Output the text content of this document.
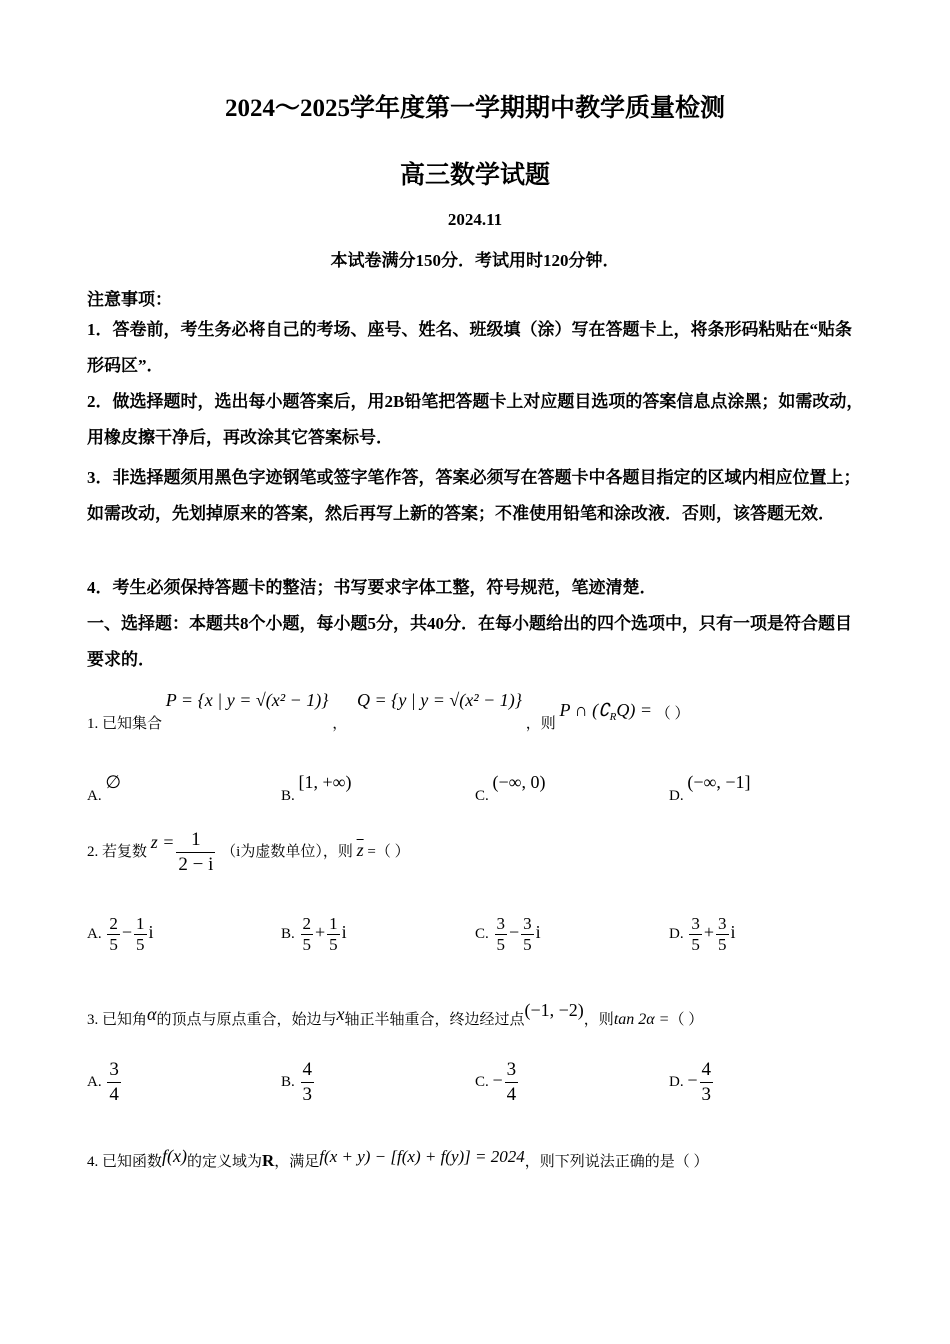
2024～2025学年度第一学期期中教学质量检测
高三数学试题
2024.11
本试卷满分150分．考试用时120分钟．
注意事项：
1．答卷前，考生务必将自己的考场、座号、姓名、班级填（涂）写在答题卡上，将条形码粘贴在“贴条形码区”．
2．做选择题时，选出每小题答案后，用2B铅笔把答题卡上对应题目选项的答案信息点涂黑；如需改动，用橡皮擦干净后，再改涂其它答案标号．
3．非选择题须用黑色字迹钢笔或签字笔作答，答案必须写在答题卡中各题目指定的区域内相应位置上；如需改动，先划掉原来的答案，然后再写上新的答案；不准使用铅笔和涂改液．否则，该答题无效．
4．考生必须保持答题卡的整洁；书写要求字体工整，符号规范，笔迹清楚．
一、选择题：本题共8个小题，每小题5分，共40分．在每小题给出的四个选项中，只有一项是符合题目要求的．
1. 已知集合 P = {x | y = √(x² − 1)} ， Q = {y | y = √(x² − 1)} ，则 P ∩ $(∁_RQ)$ = （ ）
A. ∅
B. [1, +∞)
C. (−∞, 0)
D. (−∞, −1]
2. 若复数 $z = \frac{1}{2 - i} (i$为虚数单位），则 $\overline{z}$ =（ ）
A. $\frac{2}{5} - \frac{1}{5}$ i	B. $\frac{2}{5} + \frac{1}{5}$ i	C. $\frac{3}{5} - \frac{3}{5}$ i	D. $\frac{3}{5} + \frac{3}{5}$ i
3. 已知角α的顶点与原点重合，始边与x轴正半轴重合，终边经过点(−1, −2)，则tan 2α =（ ）
A. $\frac{3}{4}$	B. $\frac{4}{3}$	C. − $\frac{3}{4}$	D. − $\frac{4}{3}$
4. 已知函数f(x)的定义域为R，满足f(x + y) − [f(x) + f(y)] = 2024，则下列说法正确的是（ ）
